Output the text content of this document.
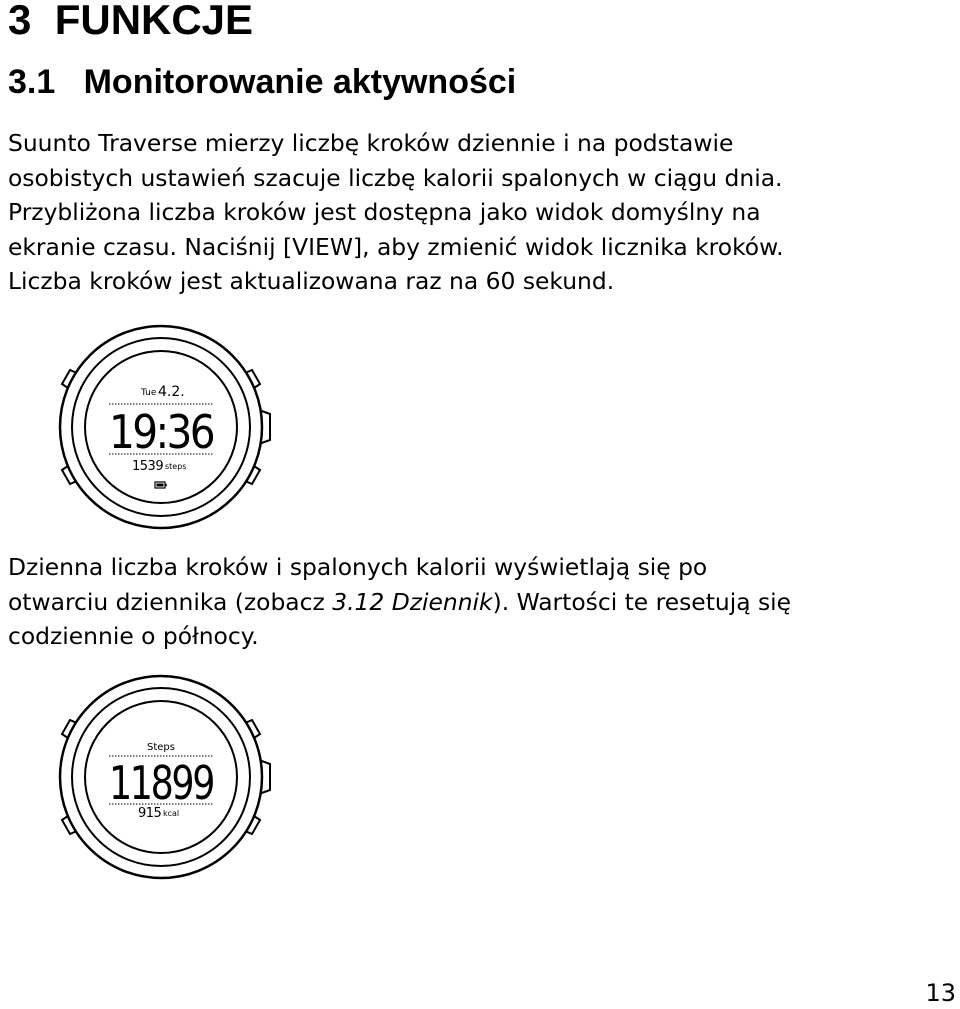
3 FUNKCJE
3.1 Monitorowanie aktywności

Suunto Traverse mierzy liczbę kroków dziennie i na podstawie
osobistych ustawień szacuje liczbę kalorii spalonych w ciągu dnia.
Przybliżona liczba kroków jest dostępna jako widok domyślny na
ekranie czasu. Naciśnij [VIEW], aby zmienić widok licznika kroków.
Liczba kroków jest aktualizowana raz na 60 sekund.

Tue 4.2.
19:36
1539 steps

Dzienna liczba kroków i spalonych kalorii wyświetlają się po
otwarciu dziennika (zobacz 3.12 Dziennik). Wartości te resetują się
codziennie o północy.

Steps
11899
915 kcal

13
